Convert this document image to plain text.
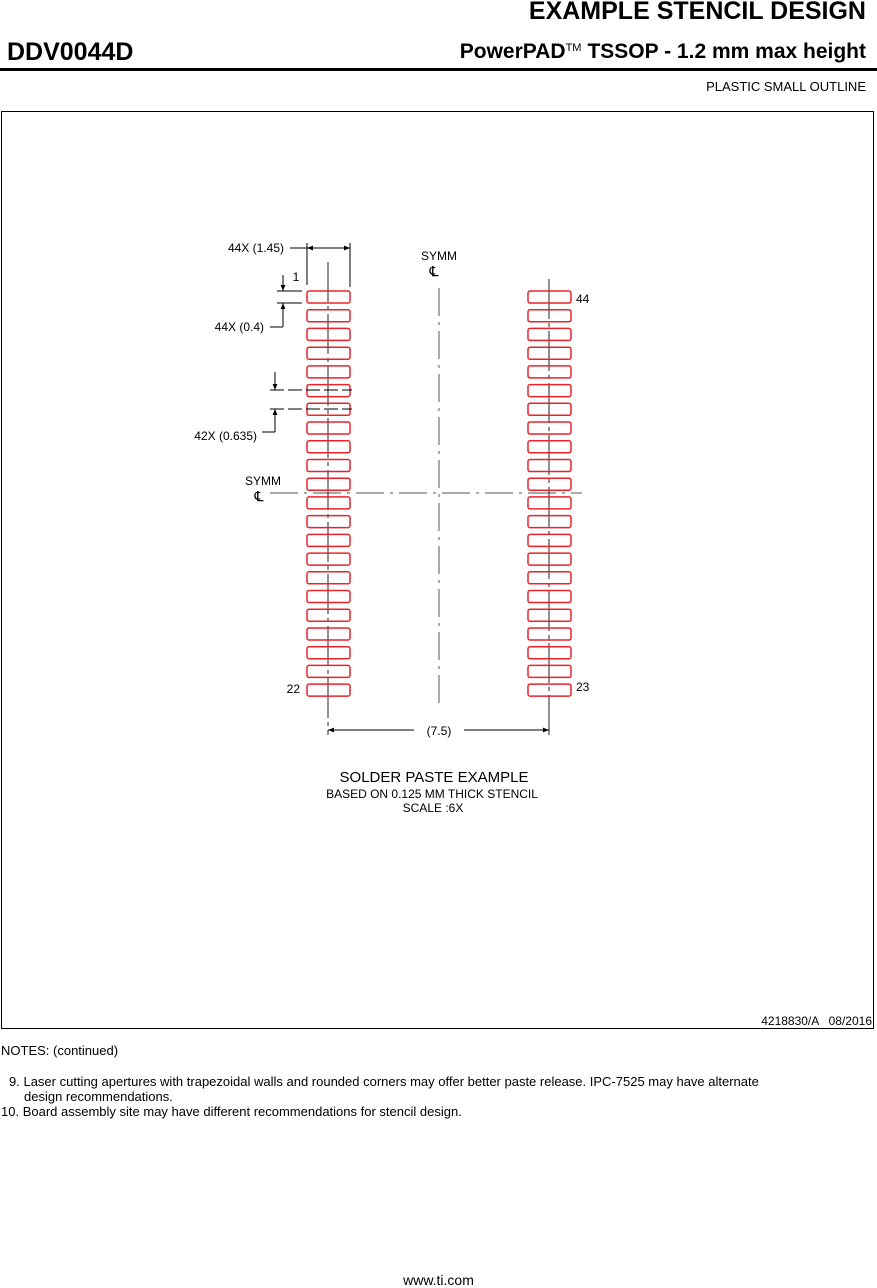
EXAMPLE STENCIL DESIGN
DDV0044D	PowerPAD™ TSSOP - 1.2 mm max height
PLASTIC SMALL OUTLINE
44X (1.45)
1
44X (0.4)
42X (0.635)
SYMM
℄
SYMM
℄
44
22	23
(7.5)
SOLDER PASTE EXAMPLE
BASED ON 0.125 MM THICK STENCIL
SCALE :6X
4218830/A   08/2016
NOTES: (continued)
9. Laser cutting apertures with trapezoidal walls and rounded corners may offer better paste release. IPC-7525 may have alternate
design recommendations.
10. Board assembly site may have different recommendations for stencil design.
www.ti.com
